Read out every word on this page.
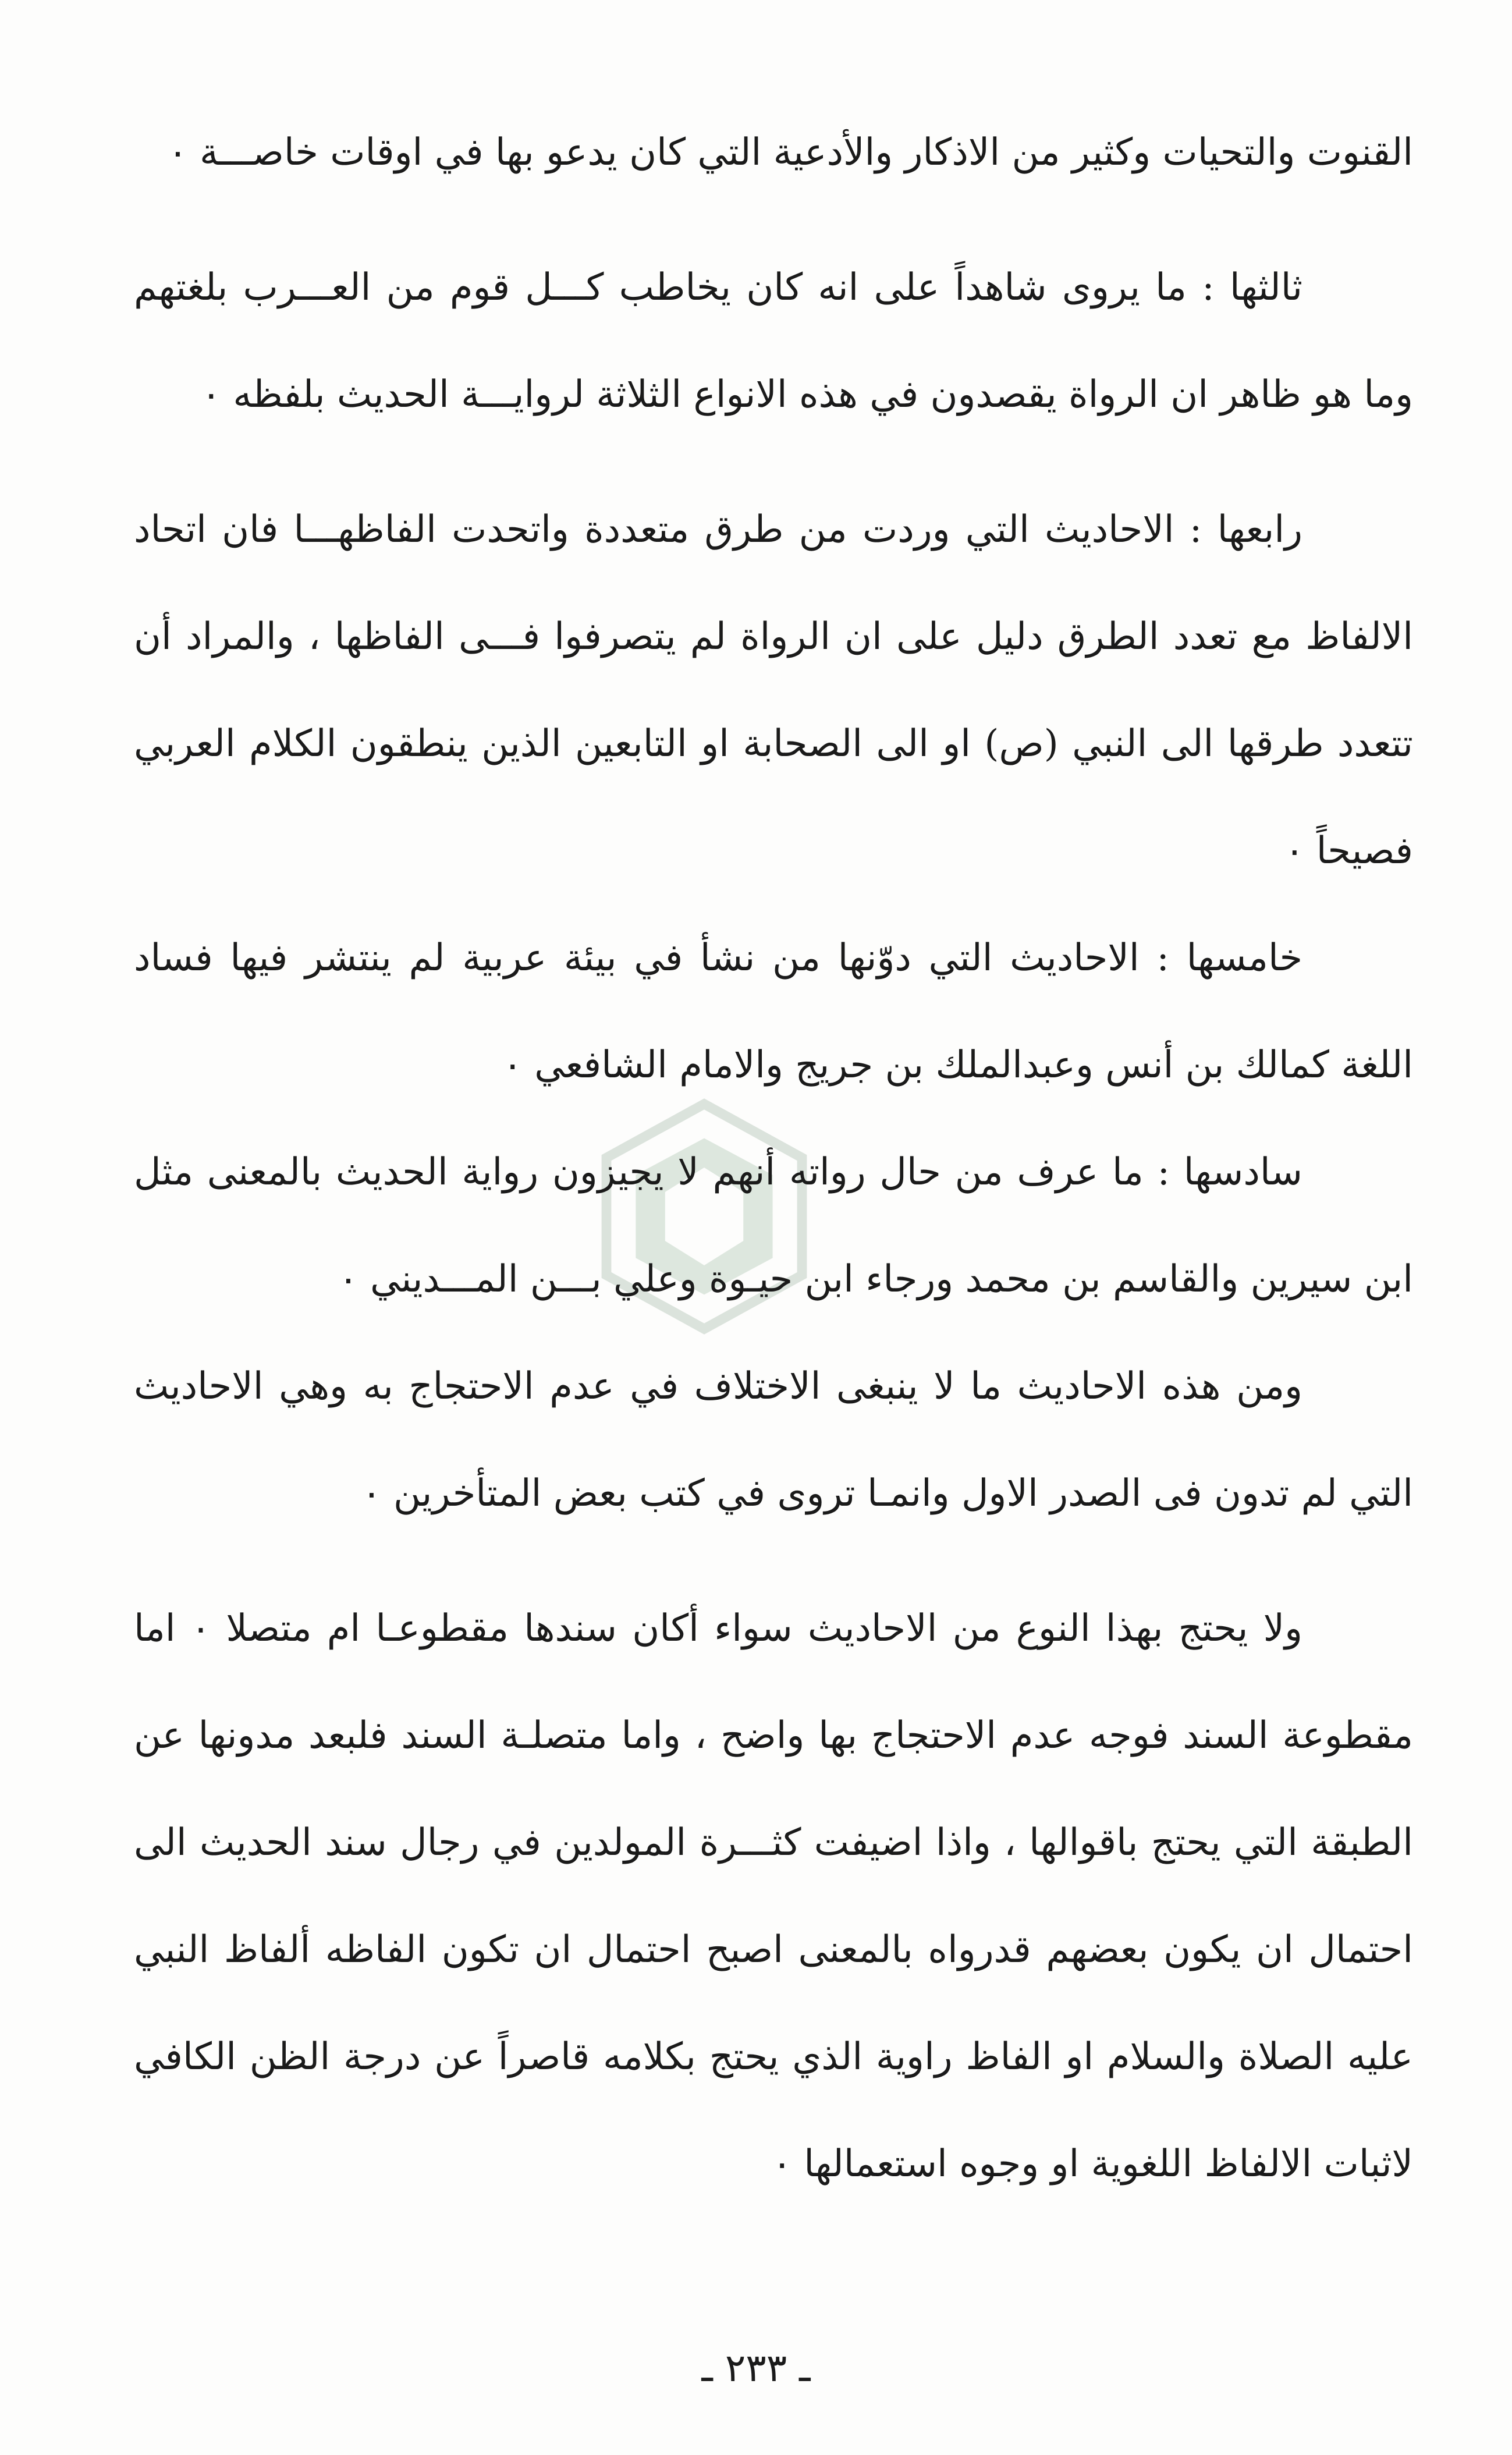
القنوت والتحيات وكثير من الاذكار والأدعية التي كان يدعو بها في اوقات خاصـــة ٠

ثالثها : ما يروى شاهداً على انه كان يخاطب كـــل قوم من العـــرب بلغتهم وما هو ظاهر ان الرواة يقصدون في هذه الانواع الثلاثة لروايـــة الحديث بلفظه ٠

رابعها : الاحاديث التي وردت من طرق متعددة واتحدت الفاظهـــا فان اتحاد الالفاظ مع تعدد الطرق دليل على ان الرواة لم يتصرفوا فـــى الفاظها ، والمراد أن تتعدد طرقها الى النبي (ص) او الى الصحابة او التابعين الذين ينطقون الكلام العربي فصيحاً ٠

خامسها : الاحاديث التي دوّنها من نشأ في بيئة عربية لم ينتشر فيها فساد اللغة كمالك بن أنس وعبدالملك بن جريج والامام الشافعي ٠

سادسها : ما عرف من حال رواته أنهم لا يجيزون رواية الحديث بالمعنى مثل ابن سيرين والقاسم بن محمد ورجاء ابن حيـوة وعلي بـــن المـــديني ٠

ومن هذه الاحاديث ما لا ينبغى الاختلاف في عدم الاحتجاج به وهي الاحاديث التي لم تدون فى الصدر الاول وانمـا تروى في كتب بعض المتأخرين ٠

ولا يحتج بهذا النوع من الاحاديث سواء أكان سندها مقطوعـا ام متصلا ٠ اما مقطوعة السند فوجه عدم الاحتجاج بها واضح ، واما متصلـة السند فلبعد مدونها عن الطبقة التي يحتج باقوالها ، واذا اضيفت كثـــرة المولدين في رجال سند الحديث الى احتمال ان يكون بعضهم قدرواه بالمعنى اصبح احتمال ان تكون الفاظه ألفاظ النبي عليه الصلاة والسلام او الفاظ راوية الذي يحتج بكلامه قاصراً عن درجة الظن الكافي لاثبات الالفاظ اللغوية او وجوه استعمالها ٠

ـ ٢٣٣ ـ
